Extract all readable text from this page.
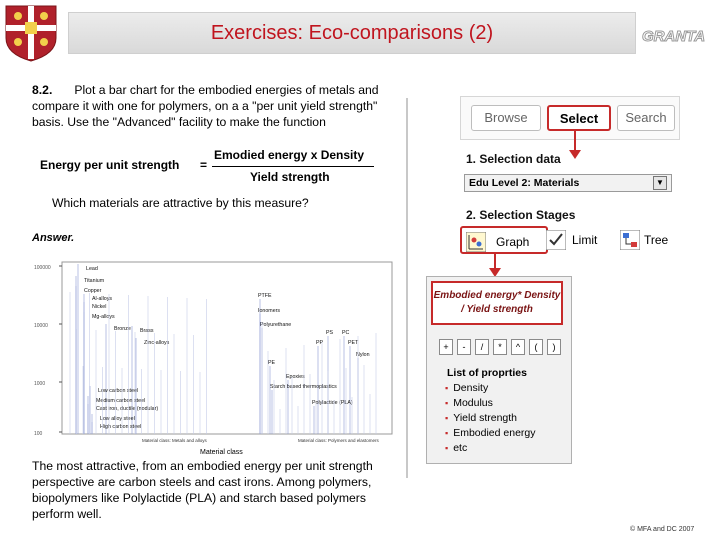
Exercises: Eco-comparisons (2)	GRANTA
8.2. Plot a bar chart for the embodied energies of metals and compare it with one for polymers, on a a "per unit yield strength" basis. Use the "Advanced" facility to make the function
Energy per unit strength =
Emodied energy x Density
Yield strength
Which materials are attractive by this measure?
Answer.
100000
10000
1000
100
Lead
Titanium
Copper
Al-alloys
Nickel
Mg-alloys
Bronze Brass
Zinc-alloys
Low carbon steel
Medium carbon steel
Cast iron, ductile (nodular)
Low alloy steel
High carbon steel
PTFE
Ionomers
Polyurethane
PS PC
PP	PET
Nylon
PE
Epoxies
Starch based thermoplastics
Polylactide (PLA)
Material class: Metals and alloys	Material class: Polymers and elastomers
Material class
The most attractive, from an embodied energy per unit strength perspective are carbon steels and cast irons. Among polymers, biopolymers like Polylactide (PLA) and starch based polymers perform well.
© MFA and DC 2007
Browse	Select	Search
1. Selection data
Edu Level 2: Materials	▼
2. Selection Stages
Graph	Limit	Tree
Embodied energy* Density / Yield strength
+	-	/	*	^	(	)
List of proprties
▪ Density
▪ Modulus
▪ Yield strength
▪ Embodied energy
▪ etc
